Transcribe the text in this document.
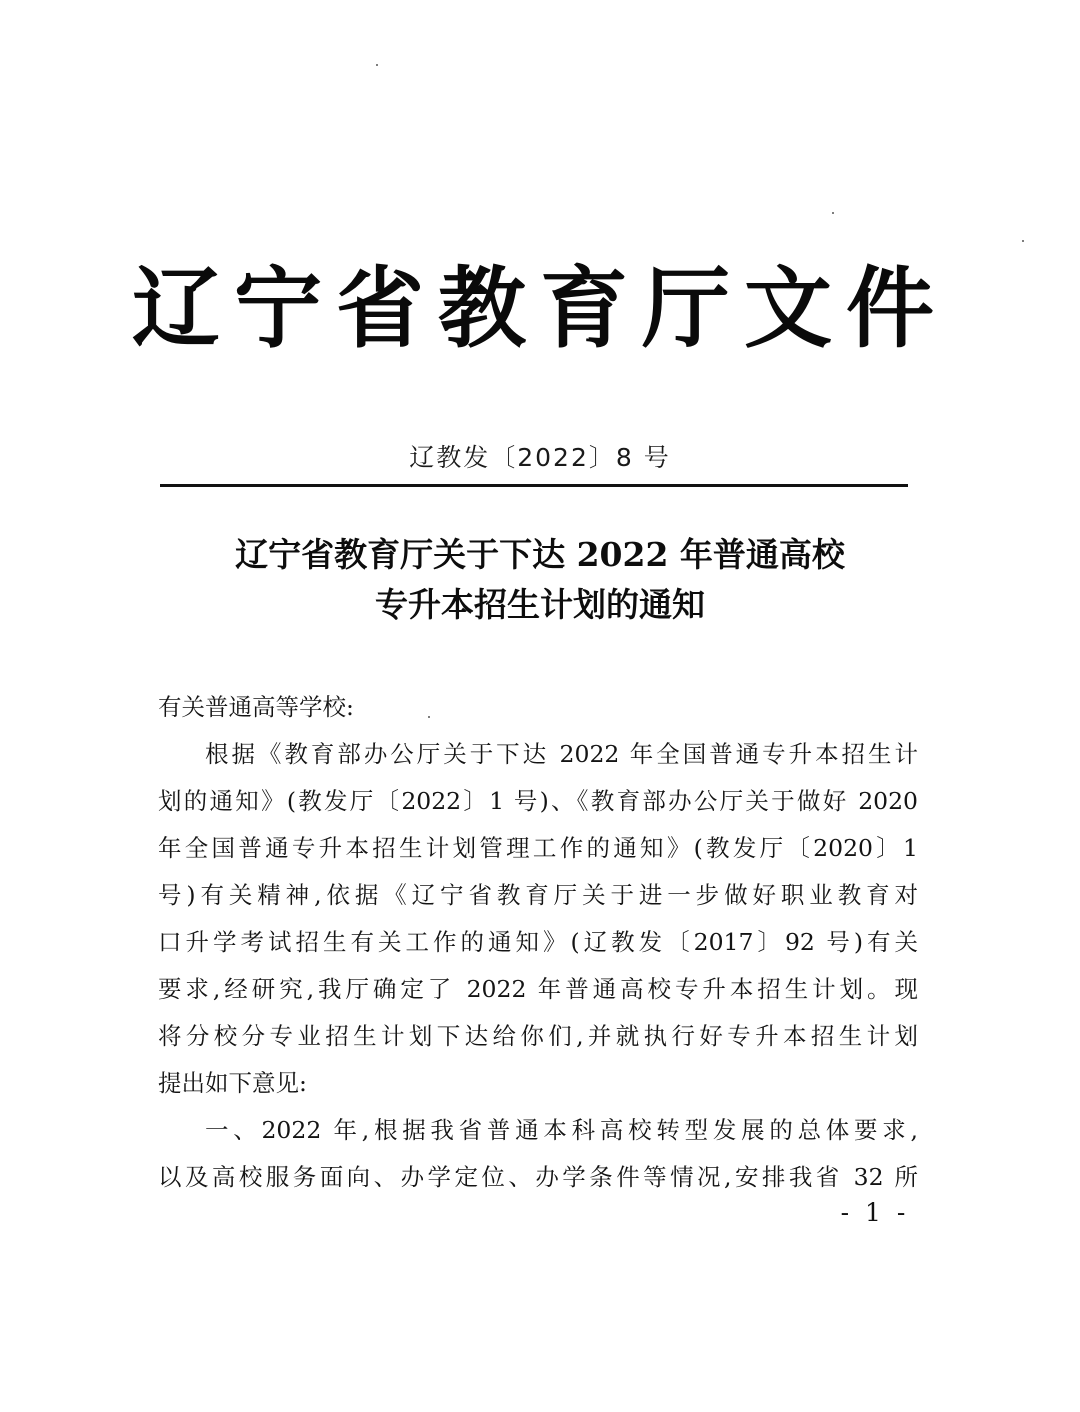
辽宁省教育厅文件
辽教发〔2022〕8 号
辽宁省教育厅关于下达 2022 年普通高校
专升本招生计划的通知
有关普通高等学校:
根据《教育部办公厅关于下达 2022 年全国普通专升本招生计
划的通知》(教发厅〔2022〕1 号)、《教育部办公厅关于做好 2020
年全国普通专升本招生计划管理工作的通知》(教发厅〔2020〕1
号)有关精神,依据《辽宁省教育厅关于进一步做好职业教育对
口升学考试招生有关工作的通知》(辽教发〔2017〕92 号)有关
要求,经研究,我厅确定了 2022 年普通高校专升本招生计划。现
将分校分专业招生计划下达给你们,并就执行好专升本招生计划
提出如下意见:
一、2022 年,根据我省普通本科高校转型发展的总体要求,
以及高校服务面向、办学定位、办学条件等情况,安排我省 32 所
- 1 -
